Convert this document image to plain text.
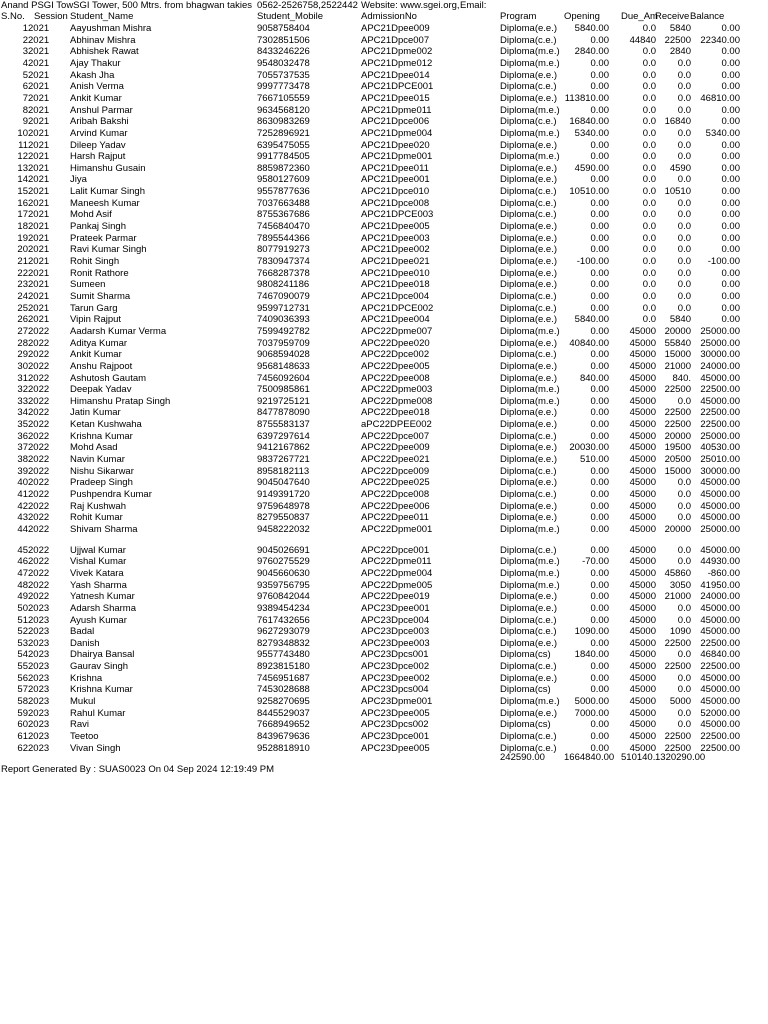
Anand PSGI TowSGI Tower, 500 Mtrs. from bhagwan takies 0562-2526758,2522442 Website: www.sgei.org, Email:
S.No. Session Student_Name	Student_Mobile	AdmissionNo	Program	Opening Due_Am
Receive Balance
1 2021	Aayushman Mishra	9058758404	APC21Dpee009	Diploma(e.e.)	5840.00	0.0	5840	0.00
2 2021	Abhinav Mishra	7302851506	APC21Dpce007	Diploma(c.e.)	0.00	44840 22500 22340.00
3 2021	Abhishek Rawat	8433246226	APC21Dpme002	Diploma(m.e.)	2840.00	0.0	2840	0.00
4 2021	Ajay Thakur	9548032478	APC21Dpme012	Diploma(m.e.)	0.00	0.0	0.0	0.00
5 2021	Akash Jha	7055737535	APC21Dpee014	Diploma(e.e.)	0.00	0.0	0.0	0.00
6 2021	Anish Verma	9997773478	APC21DPCE001	Diploma(c.e.)	0.00	0.0	0.0	0.00
7 2021	Ankit Kumar	7667105559	APC21Dpee015	Diploma(e.e.) 113810.00	0.0	0.0 46810.00
8 2021	Anshul Parmar	9634568120	APC21Dpme011	Diploma(m.e.)	0.00	0.0	0.0	0.00
9 2021	Aribah Bakshi	8630983269	APC21Dpce006	Diploma(c.e.)	16840.00	0.0 16840	0.00
10 2021	Arvind Kumar	7252896921	APC21Dpme004	Diploma(m.e.)	5340.00	0.0	0.0	5340.00
11 2021	Dileep Yadav	6395475055	APC21Dpee020	Diploma(e.e.)	0.00	0.0	0.0	0.00
12 2021	Harsh Rajput	9917784505	APC21Dpme001	Diploma(m.e.)	0.00	0.0	0.0	0.00
13 2021	Himanshu Gusain	8859872360	APC21Dpee011	Diploma(e.e.)	4590.00	0.0	4590	0.00
14 2021	Jiya	9580127609	APC21Dpee001	Diploma(e.e.)	0.00	0.0	0.0	0.00
15 2021	Lalit Kumar Singh	9557877636	APC21Dpce010	Diploma(c.e.)	10510.00	0.0 10510	0.00
16 2021	Maneesh Kumar	7037663488	APC21Dpce008	Diploma(c.e.)	0.00	0.0	0.0	0.00
17 2021	Mohd Asif	8755367686	APC21DPCE003	Diploma(c.e.)	0.00	0.0	0.0	0.00
18 2021	Pankaj Singh	7456840470	APC21Dpee005	Diploma(e.e.)	0.00	0.0	0.0	0.00
19 2021	Prateek Parmar	7895544366	APC21Dpee003	Diploma(e.e.)	0.00	0.0	0.0	0.00
20 2021	Ravi Kumar Singh	8077919273	APC21Dpee002	Diploma(e.e.)	0.00	0.0	0.0	0.00
21 2021	Rohit Singh	7830947374	APC21Dpee021	Diploma(e.e.)	-100.00	0.0	0.0	-100.00
22 2021	Ronit Rathore	7668287378	APC21Dpee010	Diploma(e.e.)	0.00	0.0	0.0	0.00
23 2021	Sumeen	9808241186	APC21Dpee018	Diploma(e.e.)	0.00	0.0	0.0	0.00
24 2021	Sumit Sharma	7467090079	APC21Dpce004	Diploma(c.e.)	0.00	0.0	0.0	0.00
25 2021	Tarun Garg	9599712731	APC21DPCE002	Diploma(c.e.)	0.00	0.0	0.0	0.00
26 2021	Vipin Rajput	7409036393	APC21Dpee004	Diploma(e.e.)	5840.00	0.0	5840	0.00
27 2022	Aadarsh Kumar Verma	7599492782	APC22Dpme007	Diploma(m.e.)	0.00	45000 20000 25000.00
28 2022	Aditya Kumar	7037959709	APC22Dpee020	Diploma(e.e.)	40840.00	45000 55840 25000.00
29 2022	Ankit Kumar	9068594028	APC22Dpce002	Diploma(c.e.)	0.00	45000 15000 30000.00
30 2022	Anshu Rajpoot	9568148633	APC22Dpee005	Diploma(e.e.)	0.00	45000 21000 24000.00
31 2022	Ashutosh Gautam	7456092604	APC22Dpee008	Diploma(e.e.)	840.00	45000	840. 45000.00
32 2022	Deepak Yadav	7500985861	APC22Dpme003	Diploma(m.e.)	0.00	45000 22500 22500.00
33 2022	Himanshu Pratap Singh	9219725121	APC22Dpme008	Diploma(m.e.)	0.00	45000	0.0 45000.00
34 2022	Jatin Kumar	8477878090	APC22Dpee018	Diploma(e.e.)	0.00	45000 22500 22500.00
35 2022	Ketan Kushwaha	8755583137	aPC22DPEE002	Diploma(e.e.)	0.00	45000 22500 22500.00
36 2022	Krishna Kumar	6397297614	APC22Dpce007	Diploma(c.e.)	0.00	45000 20000 25000.00
37 2022	Mohd Asad	9412167862	APC22Dpee009	Diploma(e.e.)	20030.00	45000 19500 40530.00
38 2022	Navin Kumar	9837267721	APC22Dpee021	Diploma(e.e.)	510.00	45000 20500 25010.00
39 2022	Nishu Sikarwar	8958182113	APC22Dpce009	Diploma(c.e.)	0.00	45000 15000 30000.00
40 2022	Pradeep Singh	9045047640	APC22Dpee025	Diploma(e.e.)	0.00	45000	0.0 45000.00
41 2022	Pushpendra Kumar	9149391720	APC22Dpce008	Diploma(c.e.)	0.00	45000	0.0 45000.00
42 2022	Raj Kushwah	9759648978	APC22Dpee006	Diploma(e.e.)	0.00	45000	0.0 45000.00
43 2022	Rohit Kumar	8279550837	APC22Dpee011	Diploma(e.e.)	0.00	45000	0.0 45000.00
44 2022	Shivam Sharma	9458222032	APC22Dpme001	Diploma(m.e.)	0.00	45000 20000 25000.00
45 2022	Ujjwal Kumar	9045026691	APC22Dpce001	Diploma(c.e.)	0.00	45000	0.0 45000.00
46 2022	Vishal Kumar	9760275529	APC22Dpme011	Diploma(m.e.)	-70.00	45000	0.0 44930.00
47 2022	Vivek Katara	9045660630	APC22Dpme004	Diploma(m.e.)	0.00	45000 45860	-860.00
48 2022	Yash Sharma	9359756795	APC22Dpme005	Diploma(m.e.)	0.00	45000	3050 41950.00
49 2022	Yatnesh Kumar	9760842044	APC22Dpee019	Diploma(e.e.)	0.00	45000 21000 24000.00
50 2023	Adarsh Sharma	9389454234	APC23Dpee001	Diploma(e.e.)	0.00	45000	0.0 45000.00
51 2023	Ayush Kumar	7617432656	APC23Dpce004	Diploma(c.e.)	0.00	45000	0.0 45000.00
52 2023	Badal	9627293079	APC23Dpce003	Diploma(c.e.)	1090.00	45000	1090 45000.00
53 2023	Danish	8279348832	APC23Dpee003	Diploma(e.e.)	0.00	45000 22500 22500.00
54 2023	Dhairya Bansal	9557743480	APC23Dpcs001	Diploma(cs)	1840.00	45000	0.0 46840.00
55 2023	Gaurav Singh	8923815180	APC23Dpce002	Diploma(c.e.)	0.00	45000 22500 22500.00
56 2023	Krishna	7456951687	APC23Dpee002	Diploma(e.e.)	0.00	45000	0.0 45000.00
57 2023	Krishna Kumar	7453028688	APC23Dpcs004	Diploma(cs)	0.00	45000	0.0 45000.00
58 2023	Mukul	9258270695	APC23Dpme001	Diploma(m.e.)	5000.00	45000	5000 45000.00
59 2023	Rahul Kumar	8445529037	APC23Dpee005	Diploma(e.e.)	7000.00	45000	0.0 52000.00
60 2023	Ravi	7668949652	APC23Dpcs002	Diploma(cs)	0.00	45000	0.0 45000.00
61 2023	Teetoo	8439679636	APC23Dpce001	Diploma(c.e.)	0.00	45000 22500 22500.00
62 2023	Vivan Singh	9528818910	APC23Dpee005	Diploma(c.e.)	0.00	45000 22500 22500.00
242590.00 1664840.00 510140. 1320290.00
Report Generated By : SUAS0023 On 04 Sep 2024 12:19:49 PM
